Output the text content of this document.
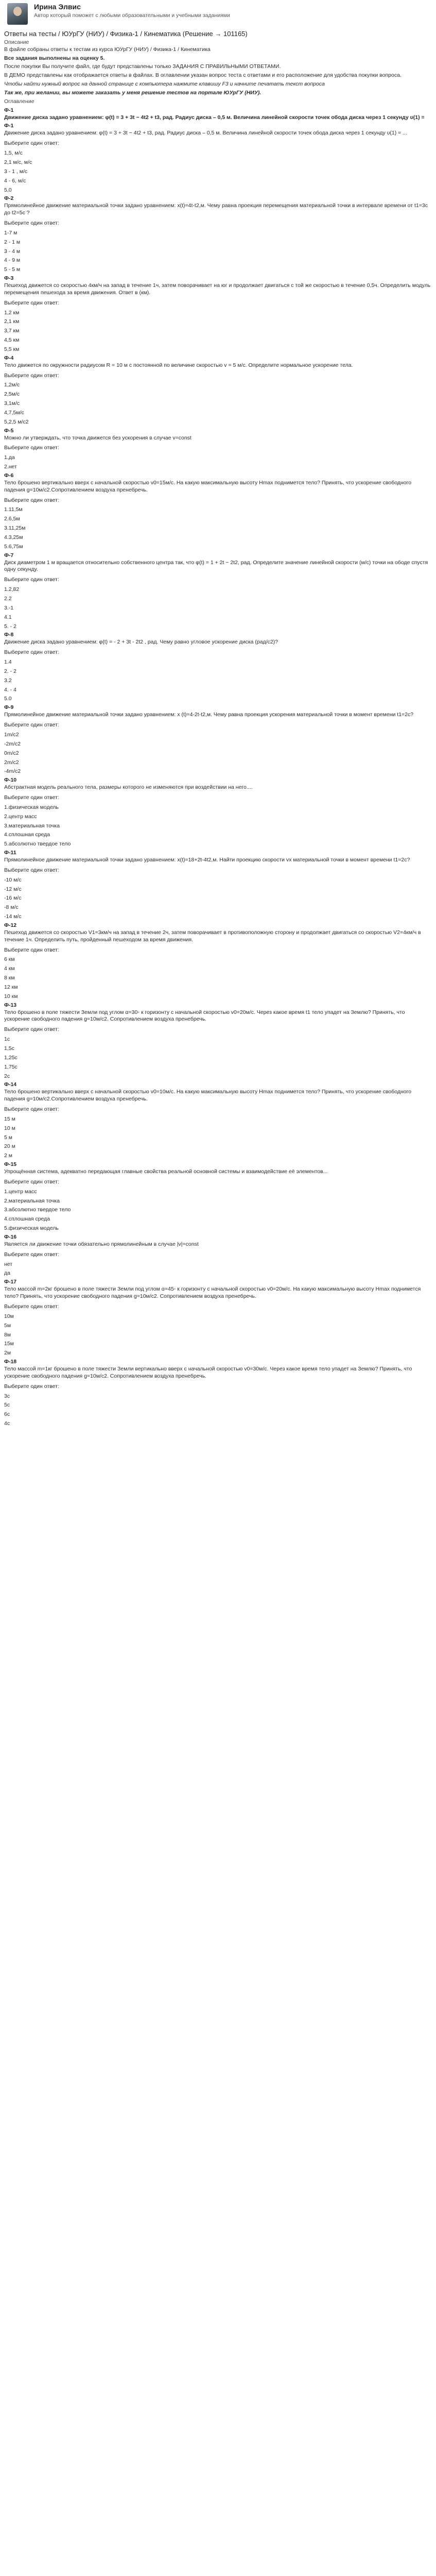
Ирина Элвис
Автор который поможет с любыми образовательными и учебными заданиями
Ответы на тесты / ЮУрГУ (НИУ) / Физика-1 / Кинематика (Решение → 101165)
Описание

В файле собраны ответы к тестам из курса ЮУрГУ (НИУ) / Физика-1 / Кинематика

Все задания выполнены на оценку 5.

После покупки Вы получите файл, где будут представлены только ЗАДАНИЯ С ПРАВИЛЬНЫМИ ОТВЕТАМИ.

В ДЕМО представлены как отображается ответы в файлах. В оглавлении указан вопрос теста с ответами и его расположение для удобства покупки вопроса.

Чтобы найти нужный вопрос на данной странице с компьютера нажмите клавишу F3 и начните печатать текст вопроса

Так же, при желании, вы можете заказать у меня решение тестов на портале ЮУрГУ (НИУ).

Оглавление
Ф-1

Движение диска задано уравнением: φ(t) = 3 + 3t − 4t2 + t3, рад. Радиус диска – 0,5 м. Величина линейной скорости точек обода диска через 1 секунду υ(1) =

Ф-1

Движение диска задано уравнением: φ(t) = 3 + 3t − 4t2 + t3, рад. Радиус диска – 0,5 м. Величина линейной скорости точек обода диска через 1 секунду υ(1) = ...

Выберите один ответ:
1,5, м/с
2,1 м/с, м/с
3 - 1 , м/с
4 - 6, м/с
5,0
Ф-2

Прямолинейное движение материальной точки задано уравнением: x(t)=4t-t2,м. Чему равна проекция перемещения материальной точки в интервале времени от t1=3c до t2=5c ?

Выберите один ответ:
1-7 м
2 - 1 м
3 - 4 м
4 - 9 м
5 - 5 м
Ф-3

Пешеход движется со скоростью 4км/ч на запад в течение 1ч, затем поворачивает на юг и продолжает двигаться с той же скоростью в течение 0,5ч. Определить модуль перемещения пешехода за время движения. Ответ в (км).

Выберите один ответ:
1,2 км
2,1 км
3,7 км
4,5 км
5,5 км
Ф-4

Тело движется по окружности радиусом R = 10 м с постоянной по величине скоростью v = 5 м/с. Определите нормальное ускорение тела.

Выберите один ответ:
1,2м/с
2,5м/с
3,1м/с
4,7,5м/с
5,2,5 м/с2
Ф-5

Можно ли утверждать, что точка движется без ускорения в случае v=const

Выберите один ответ:
1.да
2.нет
Ф-6

Тело брошено вертикально вверх с начальной скоростью v0=15м/с. На какую максимальную высоту Hmax поднимется тело? Принять, что ускорение свободного падения g=10м/с2.Сопротивлением воздуха пренебречь.

Выберите один ответ:
1.11,5м
2.6,5м
3.11,25м
4.3,25м
5.6,75м
Ф-7

Диск диаметром 1 м вращается относительно собственного центра так, что φ(t) = 1 + 2t − 2t2, рад. Определите значение линейной скорости (м/с) точки на ободе спустя одну секунду.

Выберите один ответ:
1.2,82
2.2
3.-1
4.1
5. - 2
Ф-8

Движение диска задано уравнением: φ(t) = - 2 + 3t - 2t2 , рад. Чему равно угловое ускорение диска (рад/с2)?

Выберите один ответ:
1.4
2. - 2
3.2
4. - 4
5.0
Ф-9

Прямолинейное движение материальной точки задано уравнением: x (t)=4-2t-t2,м. Чему равна проекция ускорения материальной точки в момент времени t1=2c?

Выберите один ответ:
1m/c2
-2m/c2
0m/c2
2m/c2
-4m/c2
Ф-10

Абстрактная модель реального тела, размеры которого не изменяются при воздействии на него....

Выберите один ответ:
1.физическая модель
2.центр масс
3.материальная точка
4.сплошная среда
5.абсолютно твердое тело
Ф-11

Прямолинейное движение материальной точки задано уравнением: x(t)=18+2t-4t2,м. Найти проекцию скорости vx материальной точки в момент времени t1=2c?

Выберите один ответ:
-10 м/с
-12 м/с
-16 м/с
-8 м/с
-14 м/с
Ф-12

Пешеход движется со скоростью V1=3км/ч на запад в течение 2ч, затем поворачивает в противоположную сторону и продолжает двигаться со скоростью V2=4км/ч в течение 1ч. Определить путь, пройденный пешеходом за время движения.

Выберите один ответ:
6 км
4 км
8 км
12 км
10 км
Ф-13

Тело брошено в поле тяжести Земли под углом α=30◦ к горизонту с начальной скоростью v0=20м/с. Через какое время t1 тело упадет на Землю? Принять, что ускорение свободного падения g=10м/с2. Сопротивлением воздуха пренебречь.

Выберите один ответ:
1с
1,5с
1,25с
1,75с
2с
Ф-14

Тело брошено вертикально вверх с начальной скоростью v0=10м/с. На какую максимальную высоту Hmax поднимется тело? Принять, что ускорение свободного падения g=10м/с2.Сопротивлением воздуха пренебречь.

Выберите один ответ:
15 м
10 м
5 м
20 м
2 м
Ф-15

Упрощённая система, адекватно передающая главные свойства реальной основной системы и взаимодействие её элементов...

Выберите один ответ:
1.центр масс
2.материальная точка
3.абсолютно твердое тело
4.сплошная среда
5.физическая модель
Ф-16

Является ли движение точки обязательно прямолинейным в случае |v|=const

Выберите один ответ:
нет
да
Ф-17

Тело массой m=2кг брошено в поле тяжести Земли под углом α=45◦ к горизонту с начальной скоростью v0=20м/с. На какую максимальную высоту Hmax поднимется тело? Принять, что ускорение свободного падения g=10м/с2. Сопротивлением воздуха пренебречь.

Выберите один ответ:
10м
5м
8м
15м
2м
Ф-18

Тело массой m=1кг брошено в поле тяжести Земли вертикально вверх с начальной скоростью v0=30м/с. Через какое время тело упадет на Землю? Принять, что ускорение свободного падения g=10м/с2. Сопротивлением воздуха пренебречь.

Выберите один ответ:
3с
5с
6с
4с
